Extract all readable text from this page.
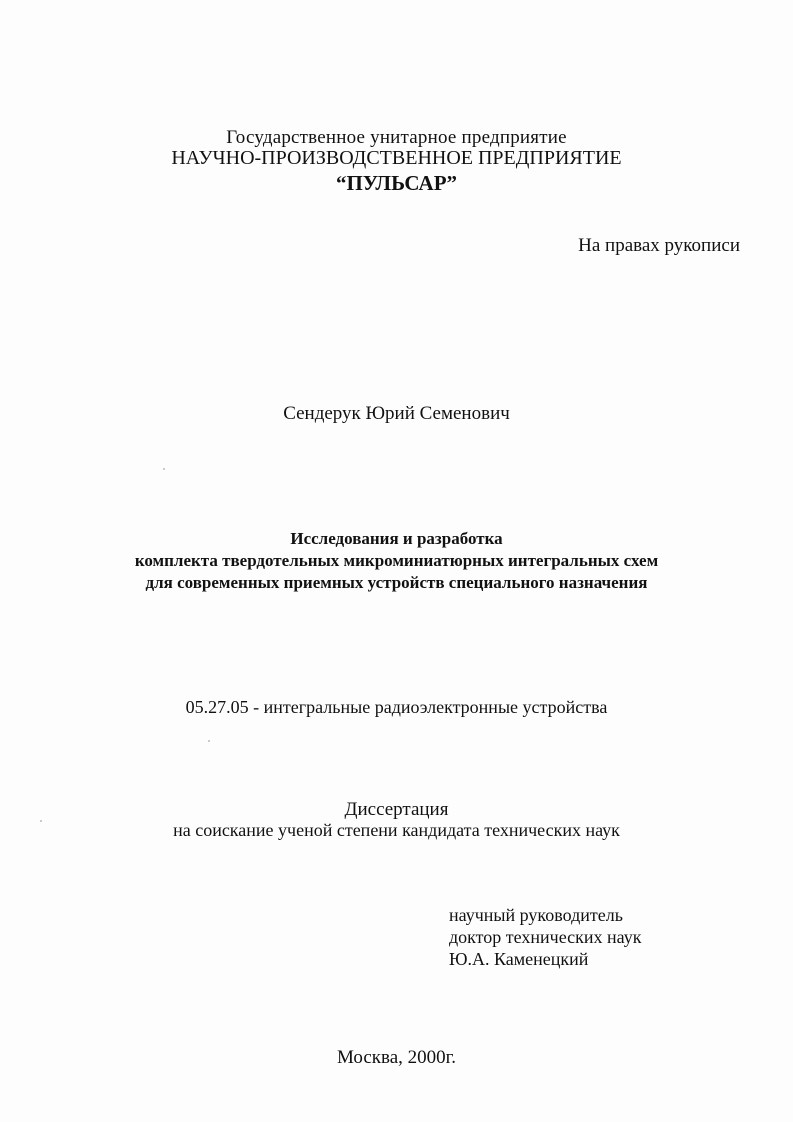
Государственное унитарное предприятие
НАУЧНО-ПРОИЗВОДСТВЕННОЕ ПРЕДПРИЯТИЕ
“ПУЛЬСАР”
На правах рукописи
Сендерук Юрий Семенович
Исследования и разработка
комплекта твердотельных микроминиатюрных интегральных схем
для современных приемных устройств специального назначения
05.27.05 - интегральные радиоэлектронные устройства
Диссертация
на соискание ученой степени кандидата технических наук
научный руководитель
доктор технических наук
Ю.А. Каменецкий
Москва, 2000г.
